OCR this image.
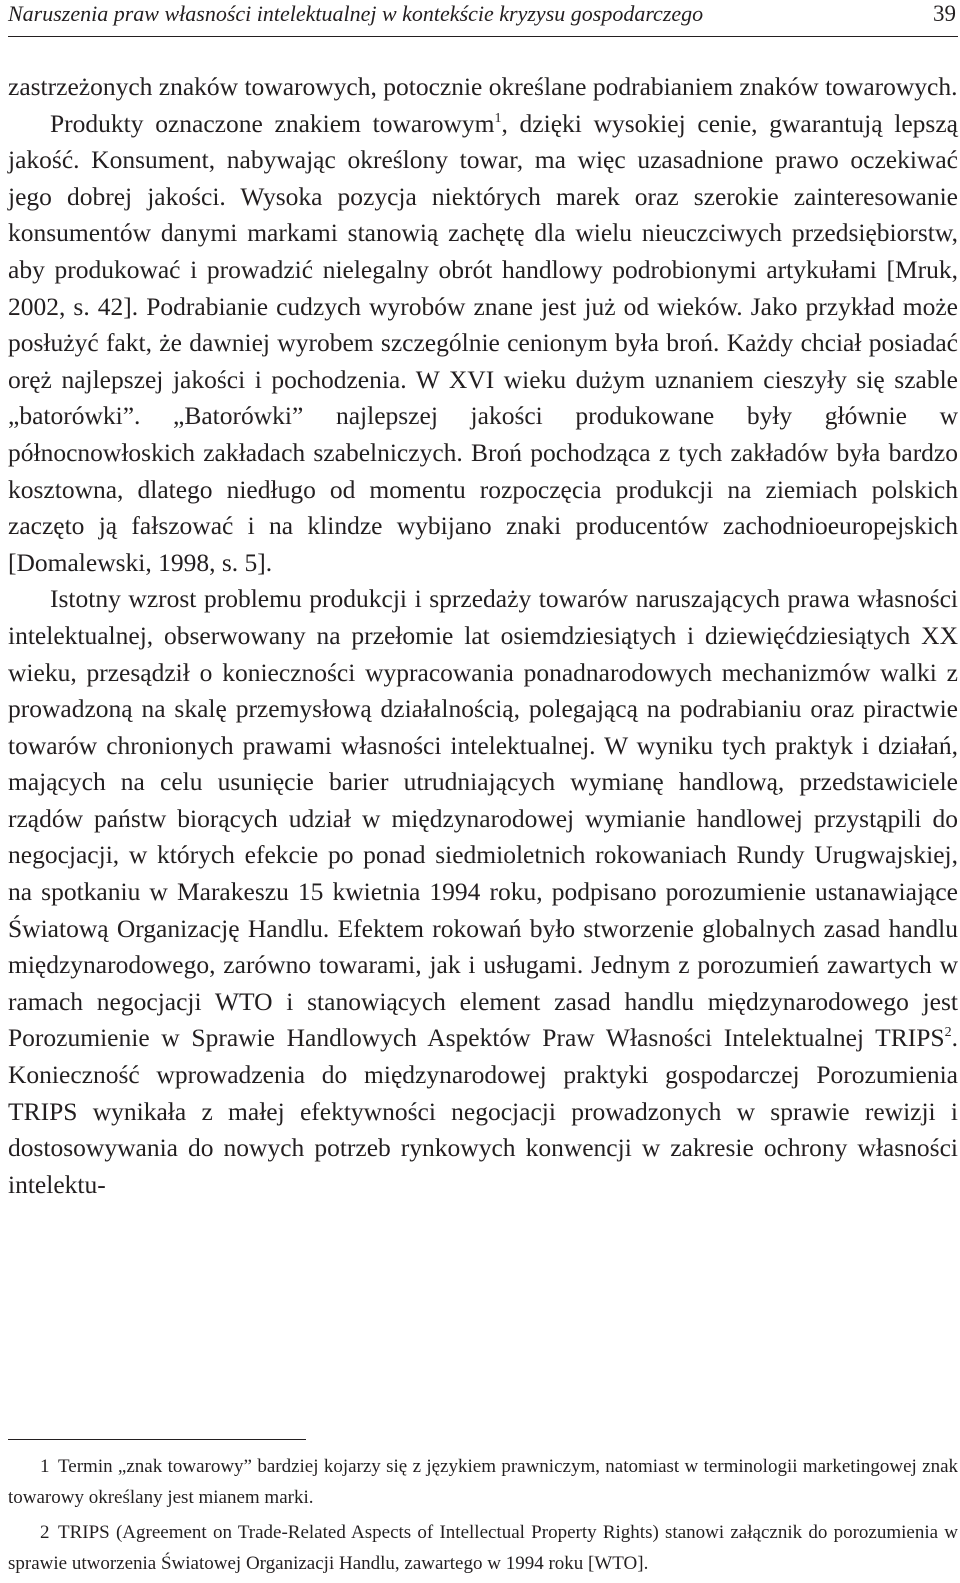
Naruszenia praw własności intelektualnej w kontekście kryzysu gospodarczego	39

zastrzeżonych znaków towarowych, potocznie określane podrabianiem znaków towarowych.

Produkty oznaczone znakiem towarowym$^1$, dzięki wysokiej cenie, gwarantują lepszą jakość. Konsument, nabywając określony towar, ma więc uzasadnione prawo oczekiwać jego dobrej jakości. Wysoka pozycja niektórych marek oraz szerokie zainteresowanie konsumentów danymi markami stanowią zachętę dla wielu nieuczciwych przedsiębiorstw, aby produkować i prowadzić nielegalny obrót handlowy podrobionymi artykułami [Mruk, 2002, s. 42]. Podrabianie cudzych wyrobów znane jest już od wieków. Jako przykład może posłużyć fakt, że dawniej wyrobem szczególnie cenionym była broń. Każdy chciał posiadać oręż najlepszej jakości i pochodzenia. W XVI wieku dużym uznaniem cieszyły się szable „batorówki”. „Batorówki” najlepszej jakości produkowane były głównie w północnowłoskich zakładach szabelniczych. Broń pochodząca z tych zakładów była bardzo kosztowna, dlatego niedługo od momentu rozpoczęcia produkcji na ziemiach polskich zaczęto ją fałszować i na klindze wybijano znaki producentów zachodnioeuropejskich [Domalewski, 1998, s. 5].

Istotny wzrost problemu produkcji i sprzedaży towarów naruszających prawa własności intelektualnej, obserwowany na przełomie lat osiemdziesiątych i dziewięćdziesiątych XX wieku, przesądził o konieczności wypracowania ponadnarodowych mechanizmów walki z prowadzoną na skalę przemysłową działalnością, polegającą na podrabianiu oraz piractwie towarów chronionych prawami własności intelektualnej. W wyniku tych praktyk i działań, mających na celu usunięcie barier utrudniających wymianę handlową, przedstawiciele rządów państw biorących udział w międzynarodowej wymianie handlowej przystąpili do negocjacji, w których efekcie po ponad siedmioletnich rokowaniach Rundy Urugwajskiej, na spotkaniu w Marakeszu 15 kwietnia 1994 roku, podpisano porozumienie ustanawiające Światową Organizację Handlu. Efektem rokowań było stworzenie globalnych zasad handlu międzynarodowego, zarówno towarami, jak i usługami. Jednym z porozumień zawartych w ramach negocjacji WTO i stanowiących element zasad handlu międzynarodowego jest Porozumienie w Sprawie Handlowych Aspektów Praw Własności Intelektualnej TRIPS$^2$. Konieczność wprowadzenia do międzynarodowej praktyki gospodarczej Porozumienia TRIPS wynikała z małej efektywności negocjacji prowadzonych w sprawie rewizji i dostosowywania do nowych potrzeb rynkowych konwencji w zakresie ochrony własności intelektu-

1 Termin „znak towarowy” bardziej kojarzy się z językiem prawniczym, natomiast w terminologii marketingowej znak towarowy określany jest mianem marki.

2 TRIPS (Agreement on Trade-Related Aspects of Intellectual Property Rights) stanowi załącznik do porozumienia w sprawie utworzenia Światowej Organizacji Handlu, zawartego w 1994 roku [WTO].
